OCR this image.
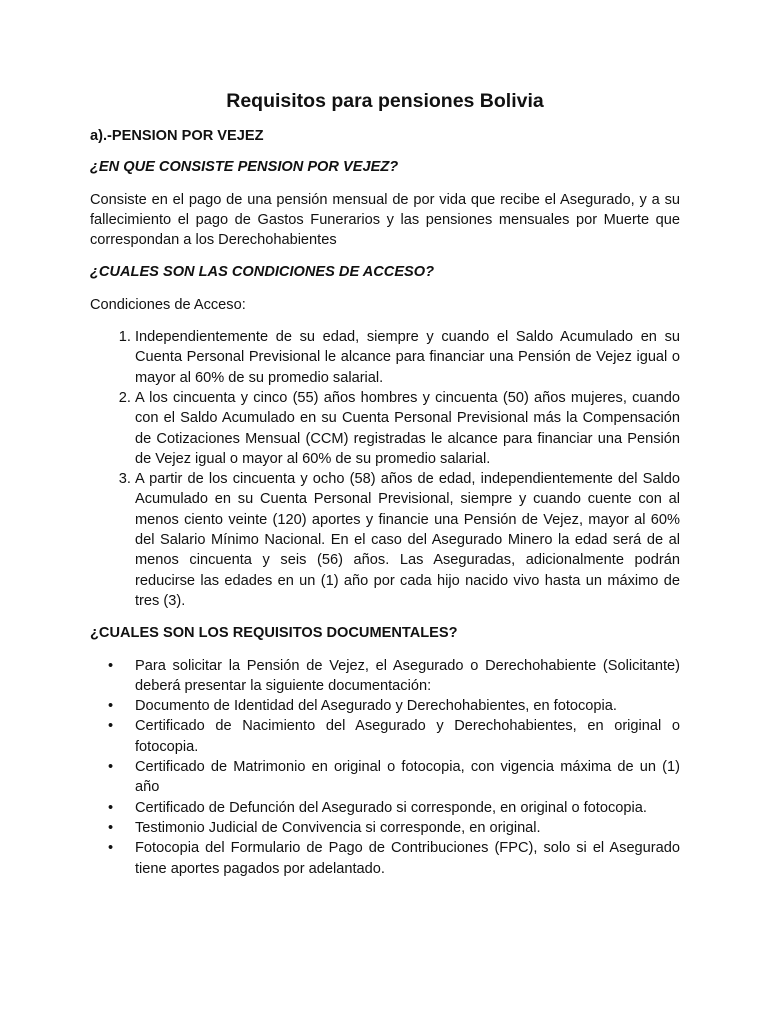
Requisitos para pensiones Bolivia
a).-PENSION POR VEJEZ
¿EN QUE CONSISTE PENSION POR VEJEZ?

Consiste en el pago de una pensión mensual de por vida que recibe el Asegurado, y a su fallecimiento el pago de Gastos Funerarios y las pensiones mensuales por Muerte que correspondan a los Derechohabientes

¿CUALES SON LAS CONDICIONES DE ACCESO?

Condiciones de Acceso:

1. Independientemente de su edad, siempre y cuando el Saldo Acumulado en su Cuenta Personal Previsional le alcance para financiar una Pensión de Vejez igual o mayor al 60% de su promedio salarial.
2. A los cincuenta y cinco (55) años hombres y cincuenta (50) años mujeres, cuando con el Saldo Acumulado en su Cuenta Personal Previsional más la Compensación de Cotizaciones Mensual (CCM) registradas le alcance para financiar una Pensión de Vejez igual o mayor al 60% de su promedio salarial.
3. A partir de los cincuenta y ocho (58) años de edad, independientemente del Saldo Acumulado en su Cuenta Personal Previsional, siempre y cuando cuente con al menos ciento veinte (120) aportes y financie una Pensión de Vejez, mayor al 60% del Salario Mínimo Nacional. En el caso del Asegurado Minero la edad será de al menos cincuenta y seis (56) años. Las Aseguradas, adicionalmente podrán reducirse las edades en un (1) año por cada hijo nacido vivo hasta un máximo de tres (3).
¿CUALES SON LOS REQUISITOS DOCUMENTALES?
• Para solicitar la Pensión de Vejez, el Asegurado o Derechohabiente (Solicitante) deberá presentar la siguiente documentación:
• Documento de Identidad del Asegurado y Derechohabientes, en fotocopia.
• Certificado de Nacimiento del Asegurado y Derechohabientes, en original o fotocopia.
• Certificado de Matrimonio en original o fotocopia, con vigencia máxima de un (1) año
• Certificado de Defunción del Asegurado si corresponde, en original o fotocopia.
• Testimonio Judicial de Convivencia si corresponde, en original.
• Fotocopia del Formulario de Pago de Contribuciones (FPC), solo si el Asegurado tiene aportes pagados por adelantado.
